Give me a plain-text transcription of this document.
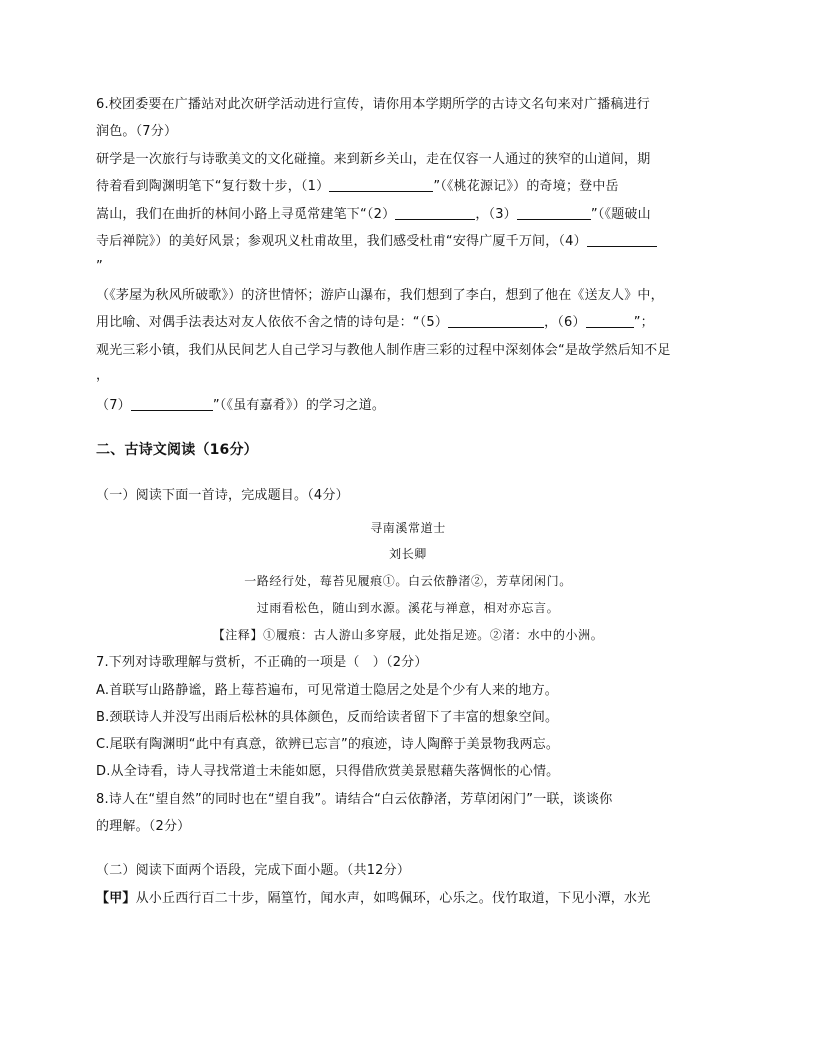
6.校团委要在广播站对此次研学活动进行宣传，请你用本学期所学的古诗文名句来对广播稿进行
润色。（7分）
研学是一次旅行与诗歌美文的文化碰撞。来到新乡关山，走在仅容一人通过的狭窄的山道间，期
待着看到陶渊明笔下“复行数十步，（1）	”（《桃花源记》）的奇境；登中岳
嵩山，我们在曲折的林间小路上寻觅常建笔下“（2）	，（3）	”（《题破山
寺后禅院》）的美好风景；参观巩义杜甫故里，我们感受杜甫“安得广厦千万间，（4）
”
（《茅屋为秋风所破歌》）的济世情怀；游庐山瀑布，我们想到了李白，想到了他在《送友人》中，
用比喻、对偶手法表达对友人依依不舍之情的诗句是：“（5）	，（6）	”；
观光三彩小镇，我们从民间艺人自己学习与教他人制作唐三彩的过程中深刻体会“是故学然后知不足
，
（7）	”（《虽有嘉肴》）的学习之道。
二、古诗文阅读（16分）
（一）阅读下面一首诗，完成题目。（4分）
寻南溪常道士
刘长卿
一路经行处，莓苔见履痕①。白云依静渚②，芳草闭闲门。
过雨看松色，随山到水源。溪花与禅意，相对亦忘言。
【注释】①履痕：古人游山多穿屐，此处指足迹。②渚：水中的小洲。
7.下列对诗歌理解与赏析，不正确的一项是（　）（2分）
A.首联写山路静谧，路上莓苔遍布，可见常道士隐居之处是个少有人来的地方。
B.颈联诗人并没写出雨后松林的具体颜色，反而给读者留下了丰富的想象空间。
C.尾联有陶渊明“此中有真意，欲辨已忘言”的痕迹，诗人陶醉于美景物我两忘。
D.从全诗看，诗人寻找常道士未能如愿，只得借欣赏美景慰藉失落惆怅的心情。
8.诗人在“望自然”的同时也在“望自我”。请结合“白云依静渚，芳草闭闲门”一联，谈谈你
的理解。（2分）
（二）阅读下面两个语段，完成下面小题。（共12分）
【甲】从小丘西行百二十步，隔篁竹，闻水声，如鸣佩环，心乐之。伐竹取道，下见小潭，水光
